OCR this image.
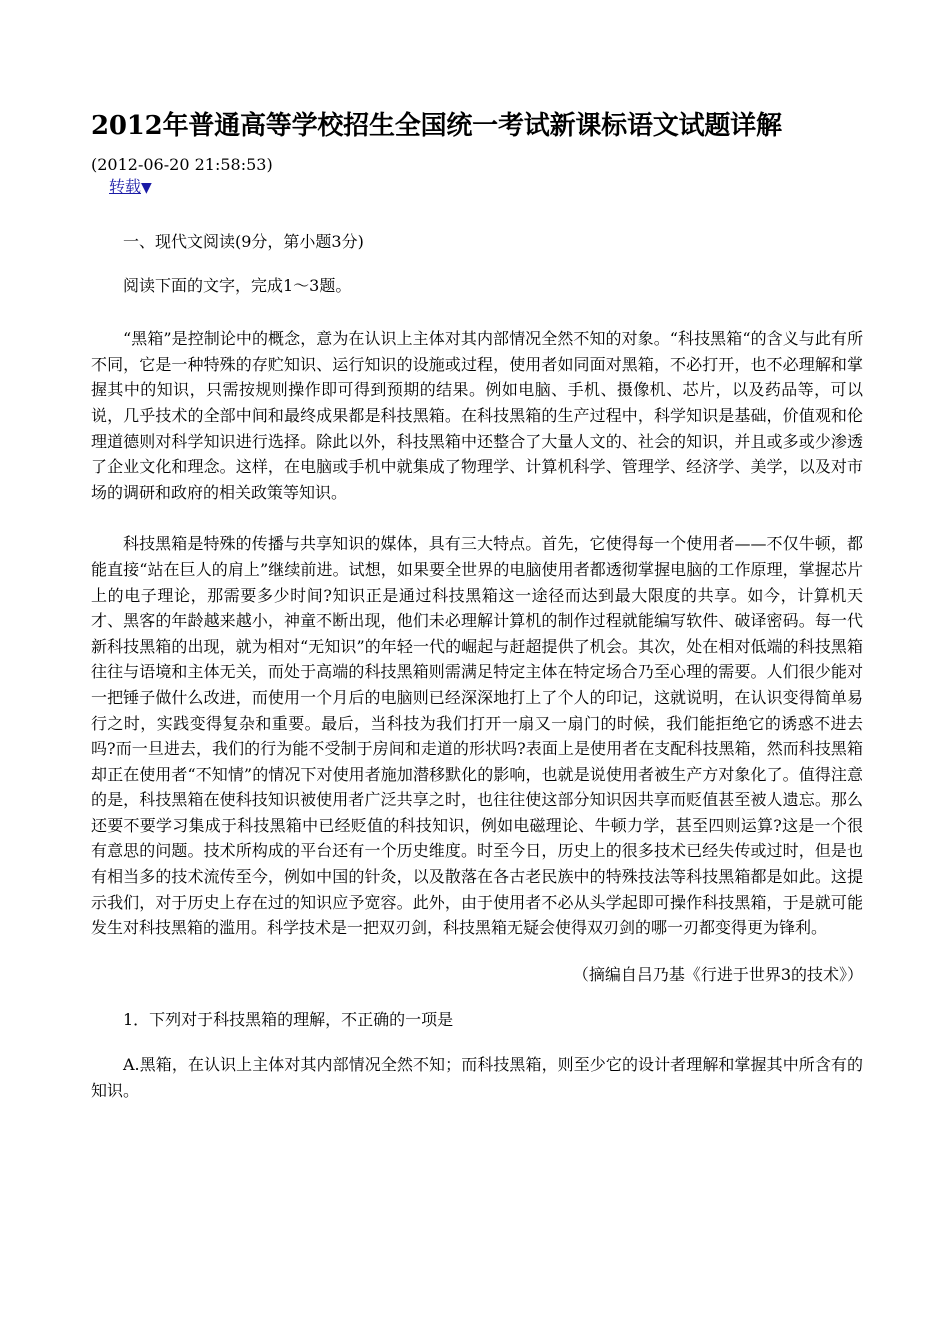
2012年普通高等学校招生全国统一考试新课标语文试题详解
(2012-06-20 21:58:53)
转载▼

一、现代文阅读(9分，第小题3分)

阅读下面的文字，完成1～3题。

“黑箱”是控制论中的概念，意为在认识上主体对其内部情况全然不知的对象。“科技黑箱“的含义与此有所不同，它是一种特殊的存贮知识、运行知识的设施或过程，使用者如同面对黑箱，不必打开，也不必理解和掌握其中的知识，只需按规则操作即可得到预期的结果。例如电脑、手机、摄像机、芯片，以及药品等，可以说，几乎技术的全部中间和最终成果都是科技黑箱。在科技黑箱的生产过程中，科学知识是基础，价值观和伦理道德则对科学知识进行选择。除此以外，科技黑箱中还整合了大量人文的、社会的知识，并且或多或少渗透了企业文化和理念。这样，在电脑或手机中就集成了物理学、计算机科学、管理学、经济学、美学，以及对市场的调研和政府的相关政策等知识。

科技黑箱是特殊的传播与共享知识的媒体，具有三大特点。首先，它使得每一个使用者——不仅牛顿，都能直接“站在巨人的肩上”继续前进。试想，如果要全世界的电脑使用者都透彻掌握电脑的工作原理，掌握芯片上的电子理论，那需要多少时间?知识正是通过科技黑箱这一途径而达到最大限度的共享。如今，计算机天才、黑客的年龄越来越小，神童不断出现，他们未必理解计算机的制作过程就能编写软件、破译密码。每一代新科技黑箱的出现，就为相对“无知识”的年轻一代的崛起与赶超提供了机会。其次，处在相对低端的科技黑箱往往与语境和主体无关，而处于高端的科技黑箱则需满足特定主体在特定场合乃至心理的需要。人们很少能对一把锤子做什么改进，而使用一个月后的电脑则已经深深地打上了个人的印记，这就说明，在认识变得简单易行之时，实践变得复杂和重要。最后，当科技为我们打开一扇又一扇门的时候，我们能拒绝它的诱惑不进去吗?而一旦进去，我们的行为能不受制于房间和走道的形状吗?表面上是使用者在支配科技黑箱，然而科技黑箱却正在使用者“不知情”的情况下对使用者施加潜移默化的影响，也就是说使用者被生产方对象化了。值得注意的是，科技黑箱在使科技知识被使用者广泛共享之时，也往往使这部分知识因共享而贬值甚至被人遗忘。那么还要不要学习集成于科技黑箱中已经贬值的科技知识，例如电磁理论、牛顿力学，甚至四则运算?这是一个很有意思的问题。技术所构成的平台还有一个历史维度。时至今日，历史上的很多技术已经失传或过时，但是也有相当多的技术流传至今，例如中国的针灸，以及散落在各古老民族中的特殊技法等科技黑箱都是如此。这提示我们，对于历史上存在过的知识应予宽容。此外，由于使用者不必从头学起即可操作科技黑箱，于是就可能发生对科技黑箱的滥用。科学技术是一把双刃剑，科技黑箱无疑会使得双刃剑的哪一刃都变得更为锋利。

（摘编自吕乃基《行进于世界3的技术》）

1．下列对于科技黑箱的理解，不正确的一项是

A.黑箱，在认识上主体对其内部情况全然不知；而科技黑箱，则至少它的设计者理解和掌握其中所含有的知识。
